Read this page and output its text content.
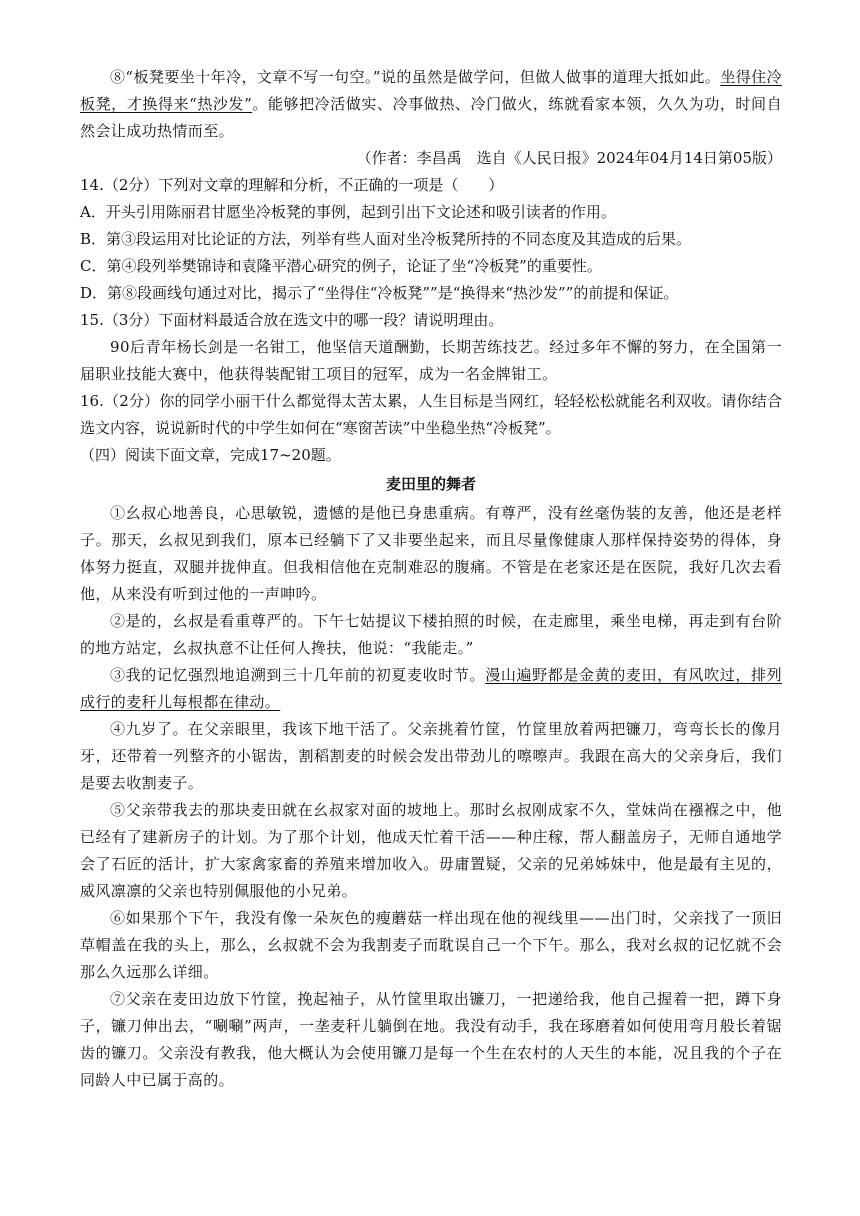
⑧“板凳要坐十年冷，文章不写一句空。”说的虽然是做学问，但做人做事的道理大抵如此。坐得住冷板凳，才换得来“热沙发”。能够把冷活做实、冷事做热、冷门做火，练就看家本领，久久为功，时间自然会让成功热情而至。

（作者：李昌禹　选自《人民日报》2024年04月14日第05版）

14.（2分）下列对文章的理解和分析，不正确的一项是（　　）

A．开头引用陈丽君甘愿坐冷板凳的事例，起到引出下文论述和吸引读者的作用。

B．第③段运用对比论证的方法，列举有些人面对坐冷板凳所持的不同态度及其造成的后果。

C．第④段列举樊锦诗和袁隆平潜心研究的例子，论证了坐“冷板凳”的重要性。

D．第⑧段画线句通过对比，揭示了“坐得住“冷板凳””是“换得来“热沙发””的前提和保证。

15.（3分）下面材料最适合放在选文中的哪一段？请说明理由。

90后青年杨长剑是一名钳工，他坚信天道酬勤，长期苦练技艺。经过多年不懈的努力，在全国第一届职业技能大赛中，他获得装配钳工项目的冠军，成为一名金牌钳工。

16.（2分）你的同学小丽干什么都觉得太苦太累，人生目标是当网红，轻轻松松就能名利双收。请你结合选文内容，说说新时代的中学生如何在“寒窗苦读”中坐稳坐热“冷板凳”。

（四）阅读下面文章，完成17~20题。

麦田里的舞者

①幺叔心地善良，心思敏锐，遗憾的是他已身患重病。有尊严，没有丝毫伪装的友善，他还是老样子。那天，幺叔见到我们，原本已经躺下了又非要坐起来，而且尽量像健康人那样保持姿势的得体，身体努力挺直，双腿并拢伸直。但我相信他在克制难忍的腹痛。不管是在老家还是在医院，我好几次去看他，从来没有听到过他的一声呻吟。

②是的，幺叔是看重尊严的。下午七姑提议下楼拍照的时候，在走廊里，乘坐电梯，再走到有台阶的地方站定，幺叔执意不让任何人搀扶，他说：“我能走。”

③我的记忆强烈地追溯到三十几年前的初夏麦收时节。漫山遍野都是金黄的麦田，有风吹过，排列成行的麦秆儿每根都在律动。

④九岁了。在父亲眼里，我该下地干活了。父亲挑着竹筐，竹筐里放着两把镰刀，弯弯长长的像月牙，还带着一列整齐的小锯齿，割稻割麦的时候会发出带劲儿的嚓嚓声。我跟在高大的父亲身后，我们是要去收割麦子。

⑤父亲带我去的那块麦田就在幺叔家对面的坡地上。那时幺叔刚成家不久，堂妹尚在襁褓之中，他已经有了建新房子的计划。为了那个计划，他成天忙着干活——种庄稼，帮人翻盖房子，无师自通地学会了石匠的活计，扩大家禽家畜的养殖来增加收入。毋庸置疑，父亲的兄弟姊妹中，他是最有主见的，威风凛凛的父亲也特别佩服他的小兄弟。

⑥如果那个下午，我没有像一朵灰色的瘦蘑菇一样出现在他的视线里——出门时，父亲找了一顶旧草帽盖在我的头上，那么，幺叔就不会为我割麦子而耽误自己一个下午。那么，我对幺叔的记忆就不会那么久远那么详细。

⑦父亲在麦田边放下竹筐，挽起袖子，从竹筐里取出镰刀，一把递给我，他自己握着一把，蹲下身子，镰刀伸出去，“唰唰”两声，一垄麦秆儿躺倒在地。我没有动手，我在琢磨着如何使用弯月般长着锯齿的镰刀。父亲没有教我，他大概认为会使用镰刀是每一个生在农村的人天生的本能，况且我的个子在同龄人中已属于高的。
